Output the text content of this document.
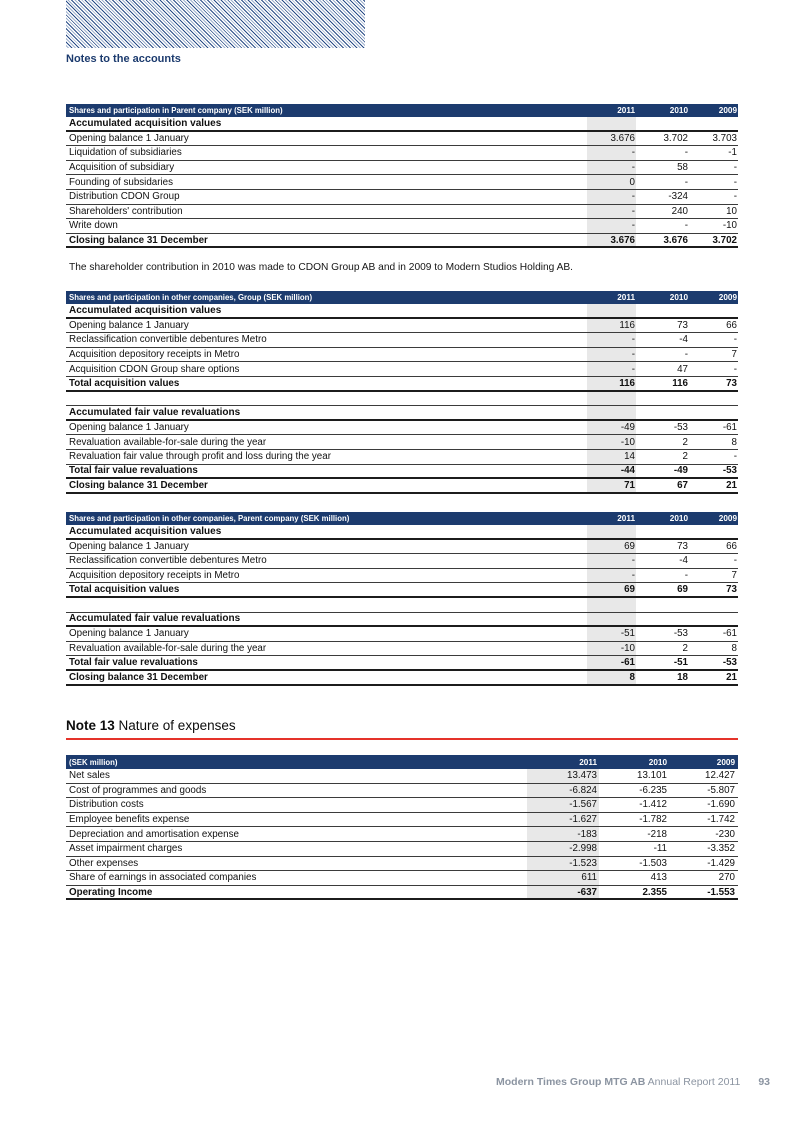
Notes to the accounts
Shares and participation in Parent company (SEK million)	2011	2010	2009
Accumulated acquisition values
Opening balance 1 January	3.676	3.702	3.703
Liquidation of subsidiaries	-	-	-1
Acquisition of subsidiary	-	58	-
Founding of subsidaries	0	-	-
Distribution CDON Group	-	-324	-
Shareholders' contribution	-	240	10
Write down	-	-	-10
Closing balance 31 December	3.676	3.676	3.702
The shareholder contribution in 2010 was made to CDON Group AB and in 2009 to Modern Studios Holding AB.
Shares and participation in other companies, Group (SEK million)	2011	2010	2009
Accumulated acquisition values
Opening balance 1 January	116	73	66
Reclassification convertible debentures Metro	-	-4	-
Acquisition depository receipts in Metro	-	-	7
Acquisition CDON Group share options	-	47	-
Total acquisition values	116	116	73
Accumulated fair value revaluations
Opening balance 1 January	-49	-53	-61
Revaluation available-for-sale during the year	-10	2	8
Revaluation fair value through profit and loss during the year	14	2	-
Total fair value revaluations	-44	-49	-53
Closing balance 31 December	71	67	21
Shares and participation in other companies, Parent company (SEK million)	2011	2010	2009
Accumulated acquisition values
Opening balance 1 January	69	73	66
Reclassification convertible debentures Metro	-	-4	-
Acquisition depository receipts in Metro	-	-	7
Total acquisition values	69	69	73
Accumulated fair value revaluations
Opening balance 1 January	-51	-53	-61
Revaluation available-for-sale during the year	-10	2	8
Total fair value revaluations	-61	-51	-53
Closing balance 31 December	8	18	21
Note 13 Nature of expenses
(SEK million)	2011	2010	2009
Net sales	13.473	13.101	12.427
Cost of programmes and goods	-6.824	-6.235	-5.807
Distribution costs	-1.567	-1.412	-1.690
Employee benefits expense	-1.627	-1.782	-1.742
Depreciation and amortisation expense	-183	-218	-230
Asset impairment charges	-2.998	-11	-3.352
Other expenses	-1.523	-1.503	-1.429
Share of earnings in associated companies	611	413	270
Operating Income	-637	2.355	-1.553
Modern Times Group MTG AB Annual Report 2011 93
